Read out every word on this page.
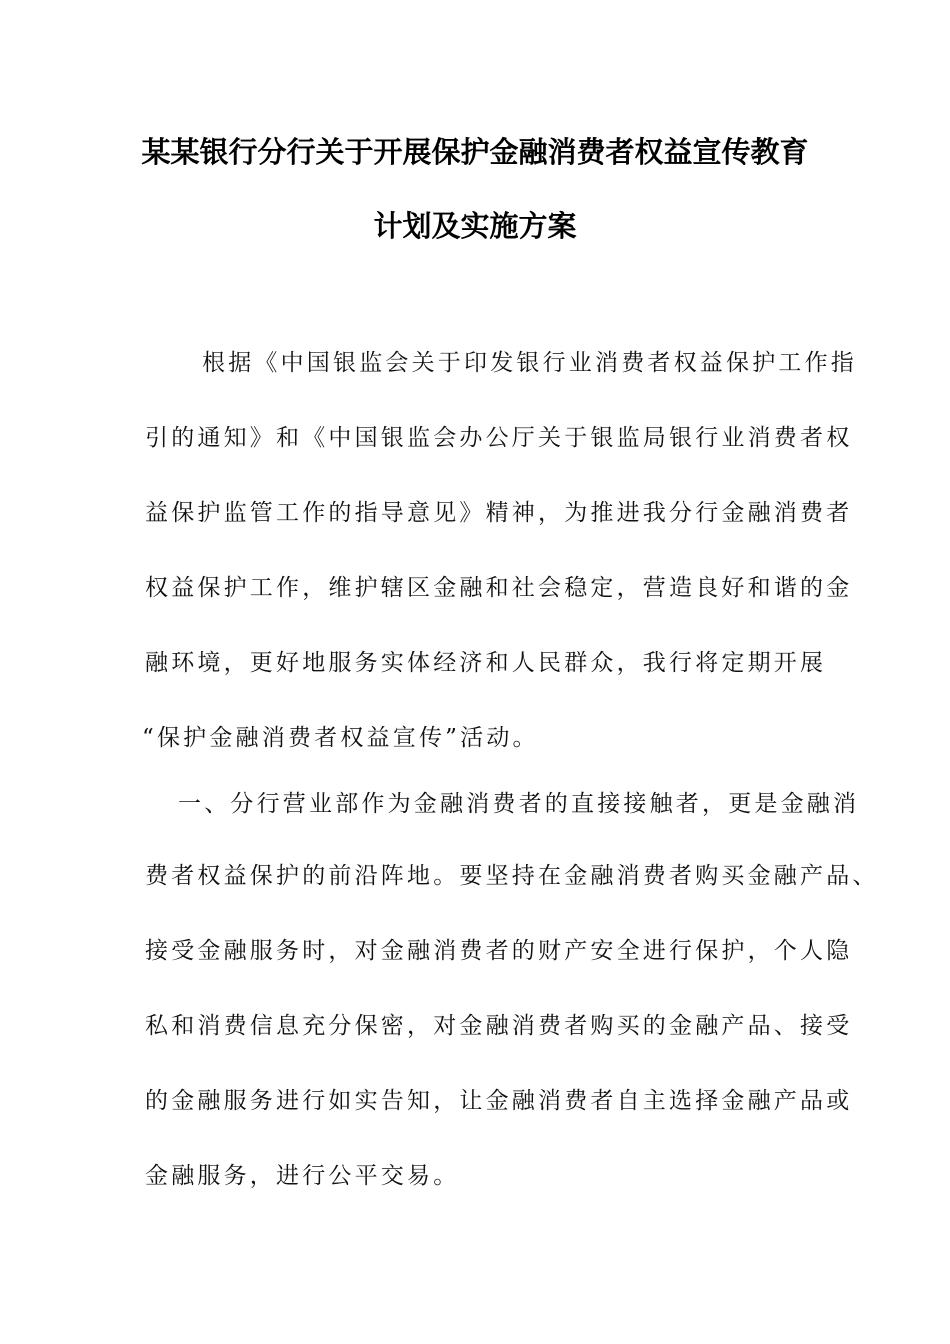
某某银行分行关于开展保护金融消费者权益宣传教育
计划及实施方案
根据《中国银监会关于印发银行业消费者权益保护工作指
引的通知》和《中国银监会办公厅关于银监局银行业消费者权
益保护监管工作的指导意见》精神，为推进我分行金融消费者
权益保护工作，维护辖区金融和社会稳定，营造良好和谐的金
融环境，更好地服务实体经济和人民群众，我行将定期开展
“保护金融消费者权益宣传”活动。
一、分行营业部作为金融消费者的直接接触者，更是金融消
费者权益保护的前沿阵地。要坚持在金融消费者购买金融产品、
接受金融服务时，对金融消费者的财产安全进行保护，个人隐
私和消费信息充分保密，对金融消费者购买的金融产品、接受
的金融服务进行如实告知，让金融消费者自主选择金融产品或
金融服务，进行公平交易。
